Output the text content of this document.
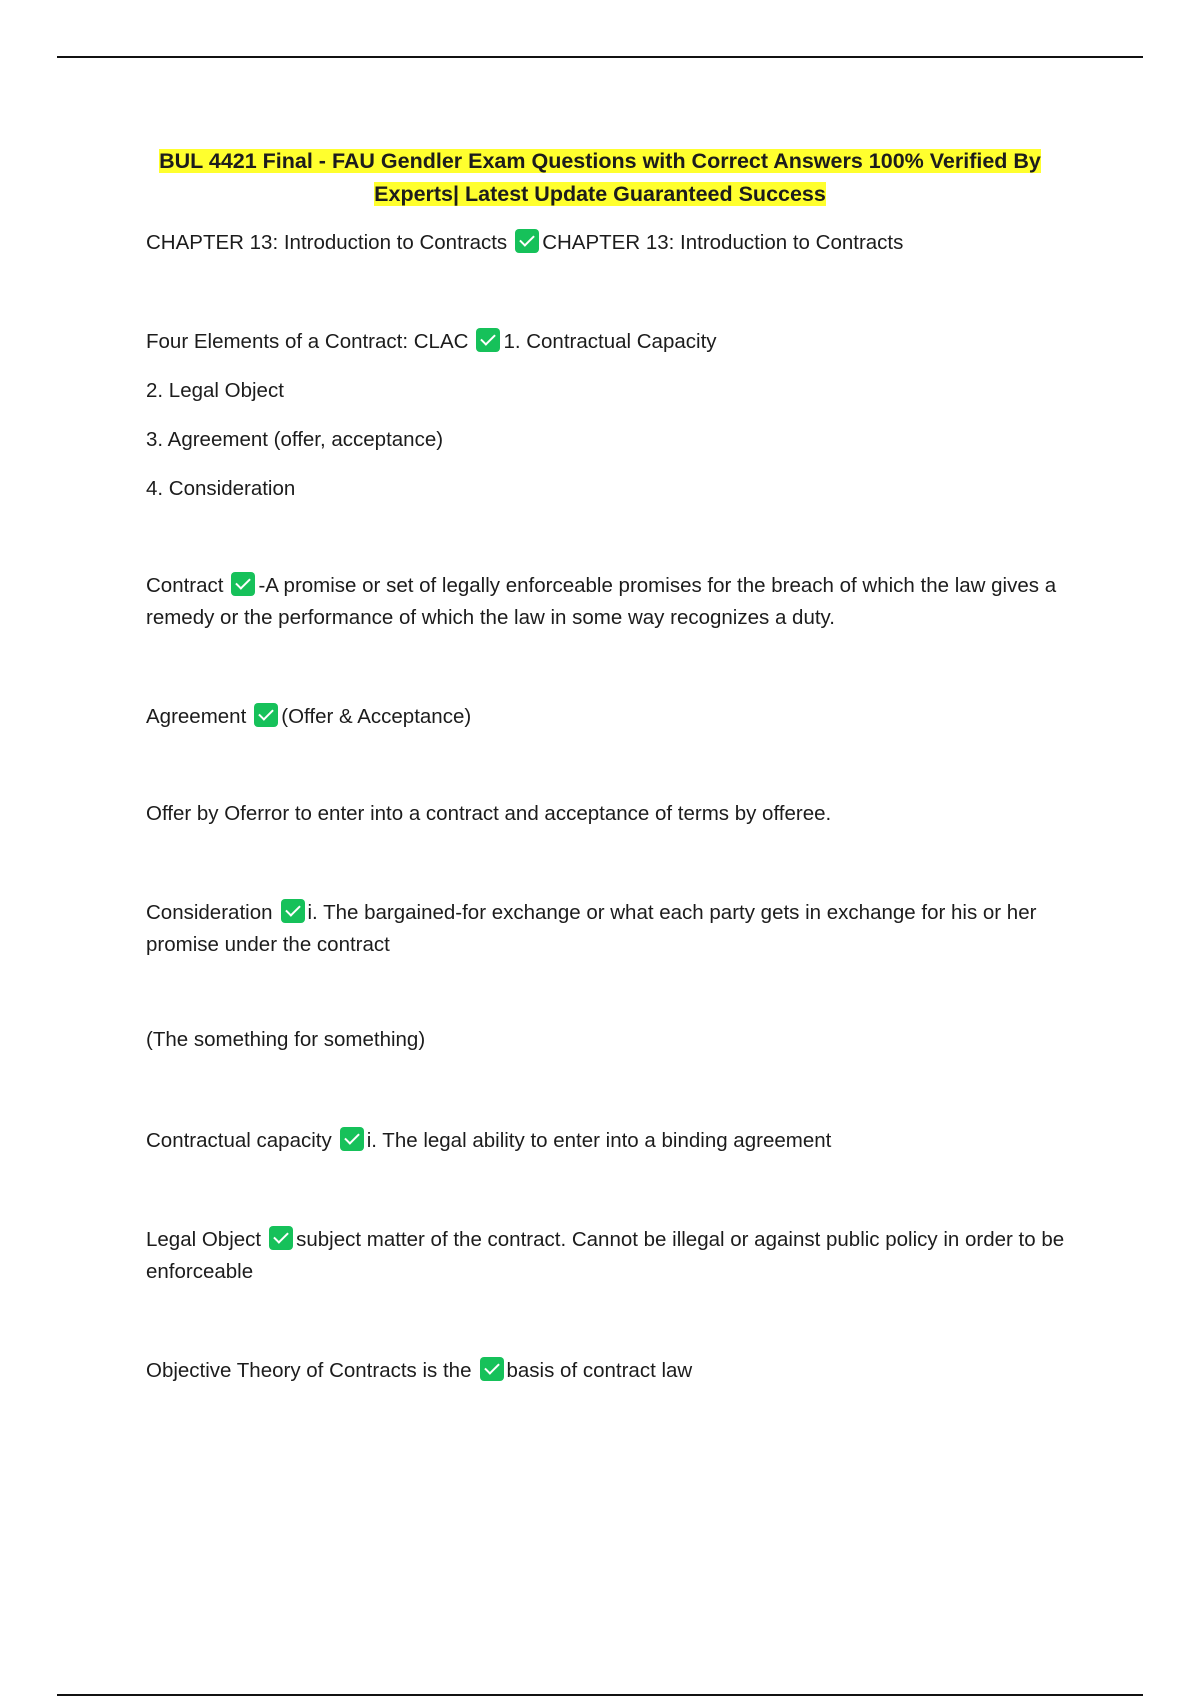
BUL 4421 Final - FAU Gendler Exam Questions with Correct Answers 100% Verified By Experts| Latest Update Guaranteed Success
CHAPTER 13: Introduction to Contracts CHAPTER 13: Introduction to Contracts
Four Elements of a Contract: CLAC 1. Contractual Capacity
2. Legal Object
3. Agreement (offer, acceptance)
4. Consideration
Contract -A promise or set of legally enforceable promises for the breach of which the law gives a remedy or the performance of which the law in some way recognizes a duty.
Agreement (Offer & Acceptance)
Offer by Oferror to enter into a contract and acceptance of terms by offeree.
Consideration i. The bargained-for exchange or what each party gets in exchange for his or her promise under the contract
(The something for something)
Contractual capacity i. The legal ability to enter into a binding agreement
Legal Object subject matter of the contract. Cannot be illegal or against public policy in order to be enforceable
Objective Theory of Contracts is the basis of contract law
